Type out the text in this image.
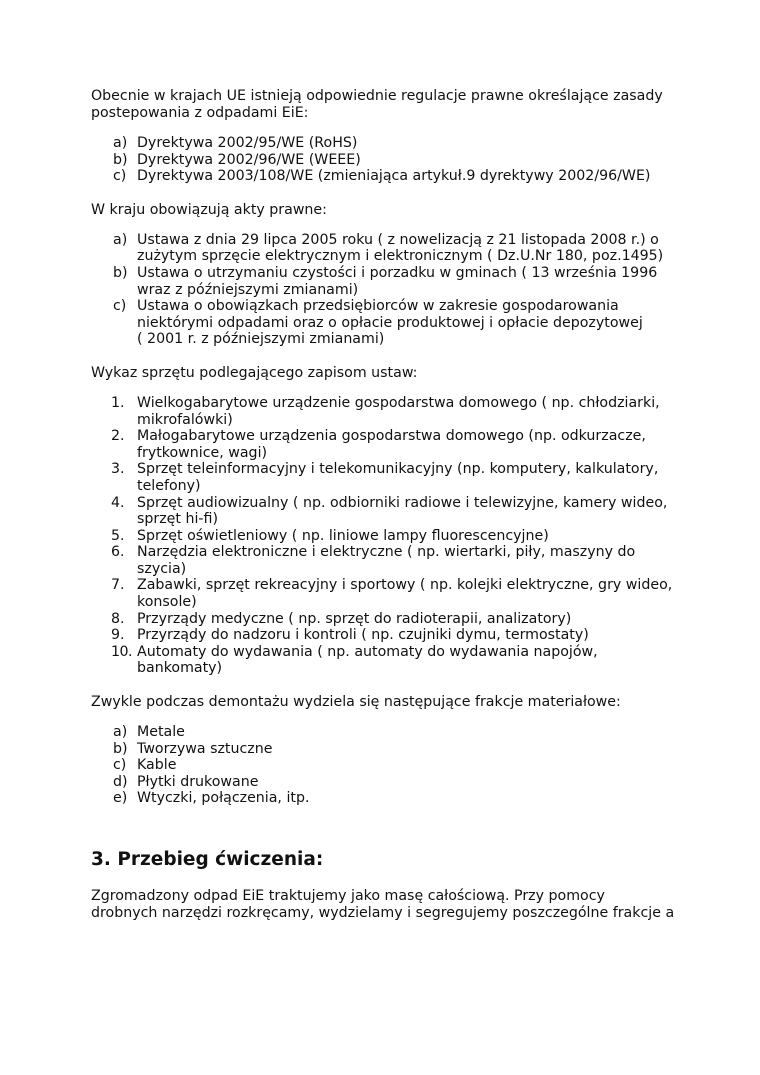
Obecnie w krajach UE istnieją odpowiednie regulacje prawne określające zasady postepowania z odpadami EiE:

a) Dyrektywa 2002/95/WE (RoHS)
b) Dyrektywa 2002/96/WE (WEEE)
c) Dyrektywa 2003/108/WE (zmieniająca artykuł.9 dyrektywy 2002/96/WE)

W kraju obowiązują akty prawne:

a) Ustawa z dnia 29 lipca 2005 roku ( z nowelizacją z 21 listopada 2008 r.) o
zużytym sprzęcie elektrycznym i elektronicznym ( Dz.U.Nr 180, poz.1495)
b) Ustawa o utrzymaniu czystości i porzadku w gminach ( 13 września 1996
wraz z późniejszymi zmianami)
c) Ustawa o obowiązkach przedsiębiorców w zakresie gospodarowania
niektórymi odpadami oraz o opłacie produktowej i opłacie depozytowej
( 2001 r. z późniejszymi zmianami)

Wykaz sprzętu podlegającego zapisom ustaw:

1. Wielkogabarytowe urządzenie gospodarstwa domowego ( np. chłodziarki,
mikrofalówki)
2. Małogabarytowe urządzenia gospodarstwa domowego (np. odkurzacze,
frytkownice, wagi)
3. Sprzęt teleinformacyjny i telekomunikacyjny (np. komputery, kalkulatory,
telefony)
4. Sprzęt audiowizualny ( np. odbiorniki radiowe i telewizyjne, kamery wideo,
sprzęt hi-fi)
5. Sprzęt oświetleniowy ( np. liniowe lampy fluorescencyjne)
6. Narzędzia elektroniczne i elektryczne ( np. wiertarki, piły, maszyny do
szycia)
7. Zabawki, sprzęt rekreacyjny i sportowy ( np. kolejki elektryczne, gry wideo,
konsole)
8. Przyrządy medyczne ( np. sprzęt do radioterapii, analizatory)
9. Przyrządy do nadzoru i kontroli ( np. czujniki dymu, termostaty)
10. Automaty do wydawania ( np. automaty do wydawania napojów,
bankomaty)

Zwykle podczas demontażu wydziela się następujące frakcje materiałowe:

a) Metale
b) Tworzywa sztuczne
c) Kable
d) Płytki drukowane
e) Wtyczki, połączenia, itp.
3. Przebieg ćwiczenia:

Zgromadzony odpad EiE traktujemy jako masę całościową. Przy pomocy
drobnych narzędzi rozkręcamy, wydzielamy i segregujemy poszczególne frakcje a
